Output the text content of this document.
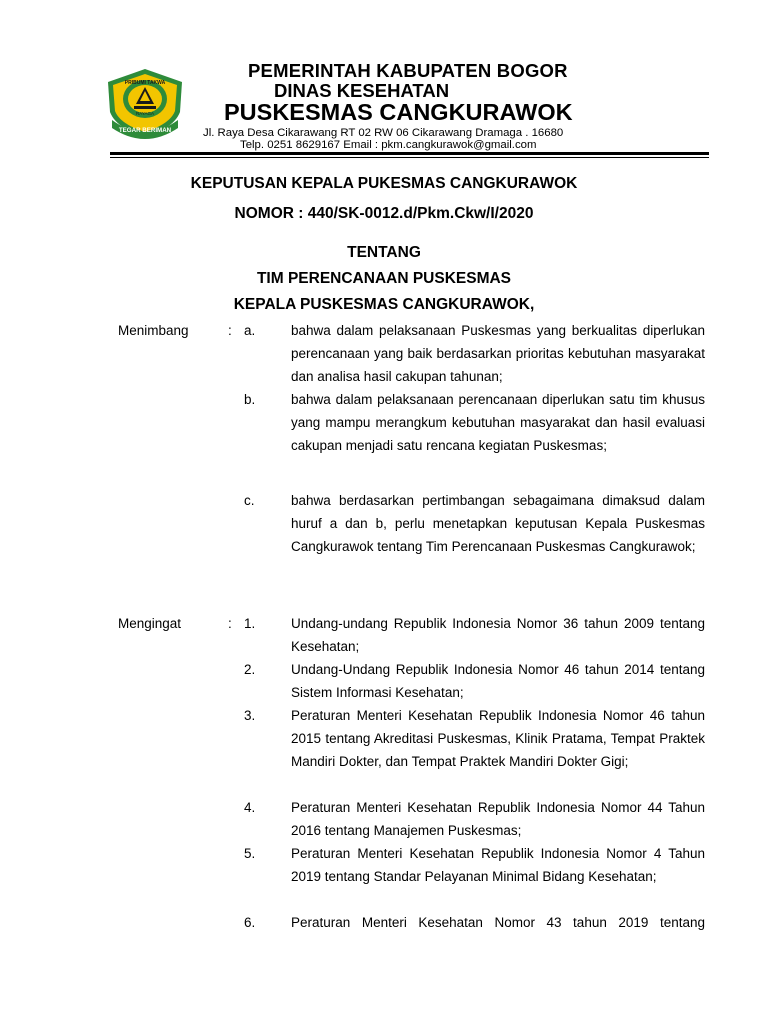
PRIBUMI TAKWA
RAYAGA
TEGAR BERIMAN
PEMERINTAH KABUPATEN BOGOR
DINAS KESEHATAN
PUSKESMAS CANGKURAWOK
Jl. Raya Desa Cikarawang RT 02 RW 06 Cikarawang Dramaga . 16680
Telp. 0251 8629167 Email : pkm.cangkurawok@gmail.com
KEPUTUSAN KEPALA PUKESMAS CANGKURAWOK
NOMOR : 440/SK-0012.d/Pkm.Ckw/I/2020
TENTANG
TIM PERENCANAAN PUSKESMAS
KEPALA PUSKESMAS CANGKURAWOK,
Menimbang	: a.	bahwa dalam pelaksanaan Puskesmas yang berkualitas diperlukan perencanaan yang baik berdasarkan prioritas kebutuhan masyarakat dan analisa hasil cakupan tahunan;
b.	bahwa dalam pelaksanaan perencanaan diperlukan satu tim khusus yang mampu merangkum kebutuhan masyarakat dan hasil evaluasi cakupan menjadi satu rencana kegiatan Puskesmas;
c.	bahwa berdasarkan pertimbangan sebagaimana dimaksud dalam huruf a dan b, perlu menetapkan keputusan Kepala Puskesmas Cangkurawok tentang Tim Perencanaan Puskesmas Cangkurawok;
Mengingat	: 1.	Undang-undang Republik Indonesia Nomor 36 tahun 2009 tentang Kesehatan;
2.	Undang-Undang Republik Indonesia Nomor 46 tahun 2014 tentang Sistem Informasi Kesehatan;
3.	Peraturan Menteri Kesehatan Republik Indonesia Nomor 46 tahun 2015 tentang Akreditasi Puskesmas, Klinik Pratama, Tempat Praktek Mandiri Dokter, dan Tempat Praktek Mandiri Dokter Gigi;
4.	Peraturan Menteri Kesehatan Republik Indonesia Nomor 44 Tahun 2016 tentang Manajemen Puskesmas;
5.	Peraturan Menteri Kesehatan Republik Indonesia Nomor 4 Tahun 2019 tentang Standar Pelayanan Minimal Bidang Kesehatan;
6.	Peraturan Menteri Kesehatan Nomor 43 tahun 2019 tentang
